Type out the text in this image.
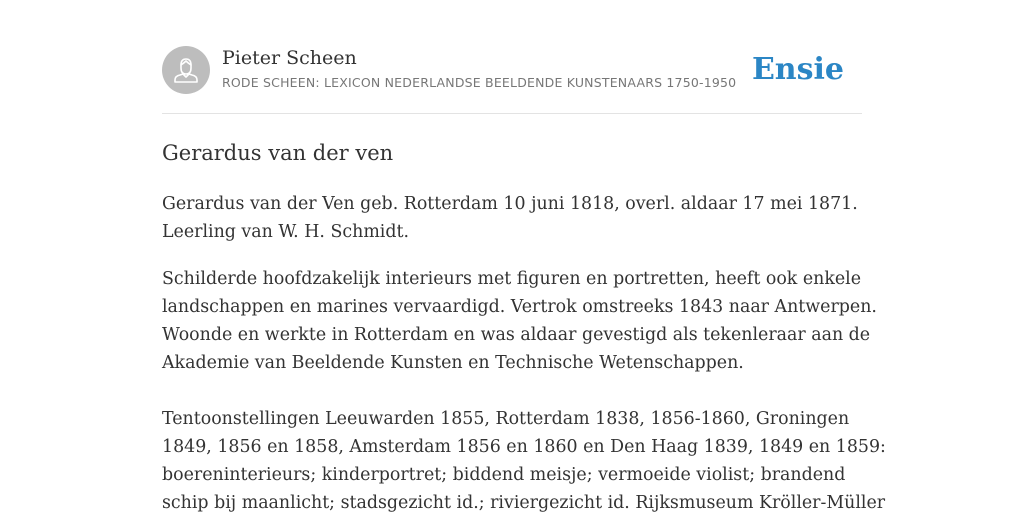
Pieter Scheen
RODE SCHEEN: LEXICON NEDERLANDSE BEELDENDE KUNSTENAARS 1750-1950 Ensie
Gerardus van der ven

Gerardus van der Ven geb. Rotterdam 10 juni 1818, overl. aldaar 17 mei 1871.
Leerling van W. H. Schmidt.

Schilderde hoofdzakelijk interieurs met figuren en portretten, heeft ook enkele
landschappen en marines vervaardigd. Vertrok omstreeks 1843 naar Antwerpen.
Woonde en werkte in Rotterdam en was aldaar gevestigd als tekenleraar aan de
Akademie van Beeldende Kunsten en Technische Wetenschappen.

Tentoonstellingen Leeuwarden 1855, Rotterdam 1838, 1856-1860, Groningen
1849, 1856 en 1858, Amsterdam 1856 en 1860 en Den Haag 1839, 1849 en 1859:
boereninterieurs; kinderportret; biddend meisje; vermoeide violist; brandend
schip bij maanlicht; stadsgezicht id.; riviergezicht id. Rijksmuseum Kröller-Müller
